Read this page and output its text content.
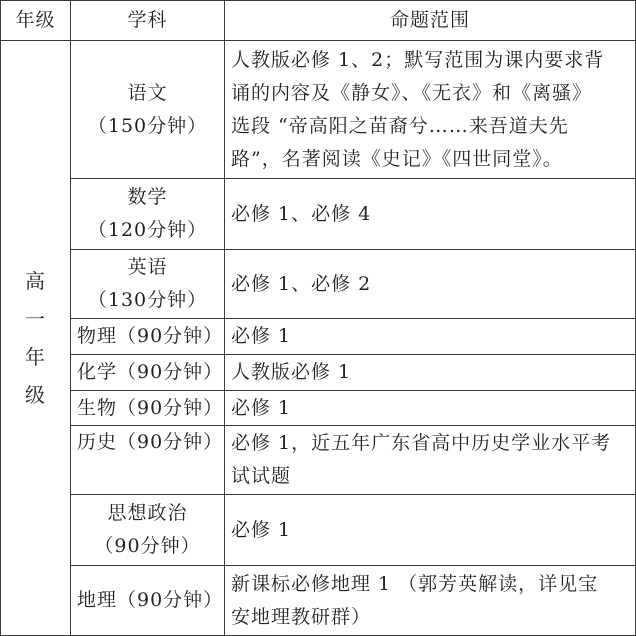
年级	学科	命题范围
高
一
年
级
语文
（150分钟）
人教版必修 1、2；默写范围为课内要求背
诵的内容及《静女》、《无衣》和《离骚》
选段 “帝高阳之苗裔兮……来吾道夫先
路”，名著阅读《史记》《四世同堂》。
数学
（120分钟）
必修 1、必修 4
英语
（130分钟）
必修 1、必修 2
物理（90分钟） 必修 1
化学（90分钟） 人教版必修 1
生物（90分钟） 必修 1
历史（90分钟） 必修 1，近五年广东省高中历史学业水平考
试试题
思想政治
（90分钟）
必修 1
地理（90分钟）
新课标必修地理 1 （郭芳英解读，详见宝
安地理教研群）
